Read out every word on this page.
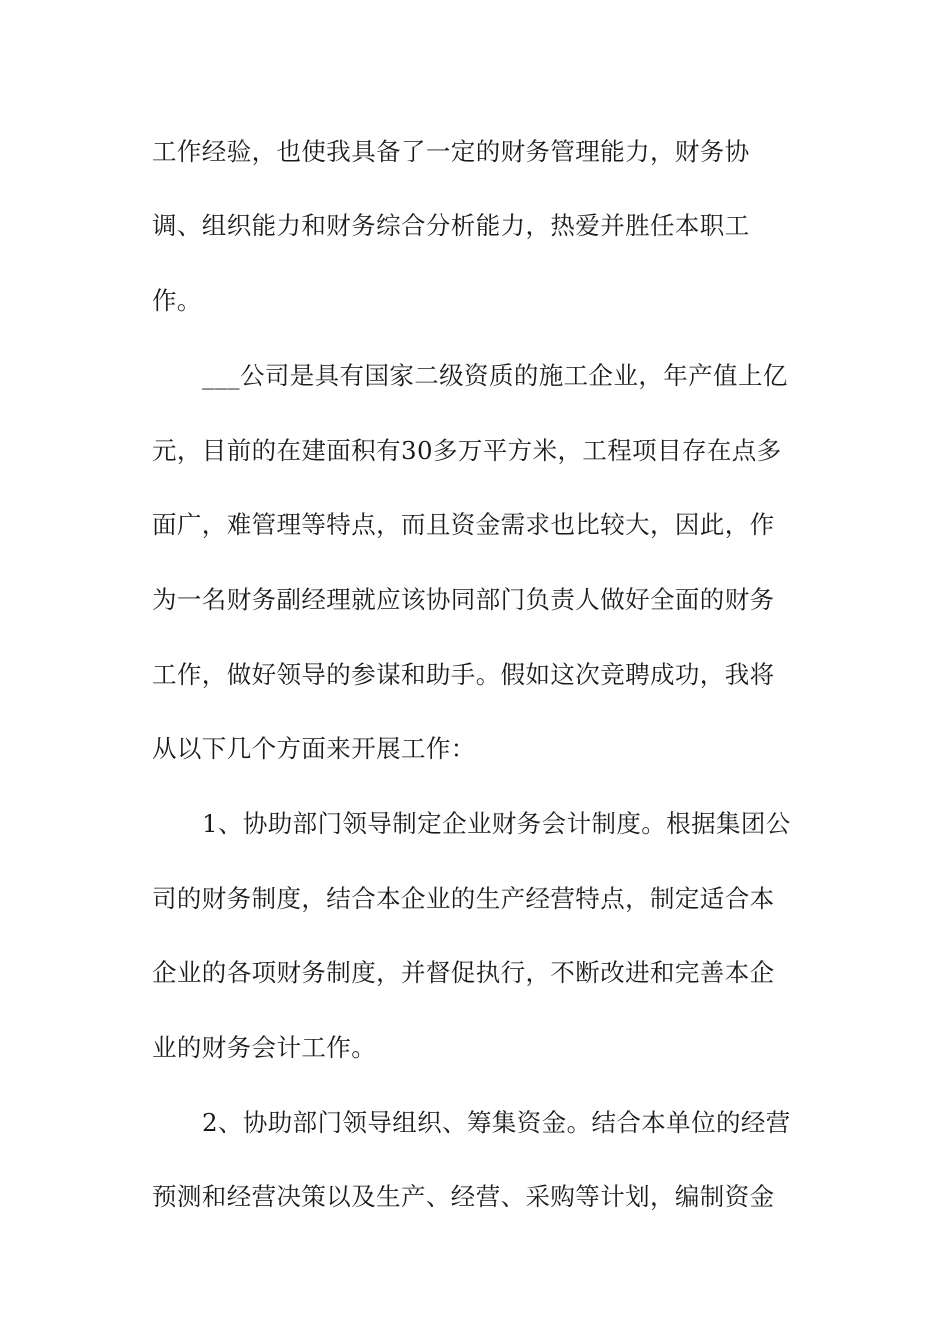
工作经验，也使我具备了一定的财务管理能力，财务协
调、组织能力和财务综合分析能力，热爱并胜任本职工
作。
___公司是具有国家二级资质的施工企业，年产值上亿
元，目前的在建面积有30多万平方米，工程项目存在点多
面广，难管理等特点，而且资金需求也比较大，因此，作
为一名财务副经理就应该协同部门负责人做好全面的财务
工作，做好领导的参谋和助手。假如这次竞聘成功，我将
从以下几个方面来开展工作：
1、协助部门领导制定企业财务会计制度。根据集团公
司的财务制度，结合本企业的生产经营特点，制定适合本
企业的各项财务制度，并督促执行，不断改进和完善本企
业的财务会计工作。
2、协助部门领导组织、筹集资金。结合本单位的经营
预测和经营决策以及生产、经营、采购等计划，编制资金
